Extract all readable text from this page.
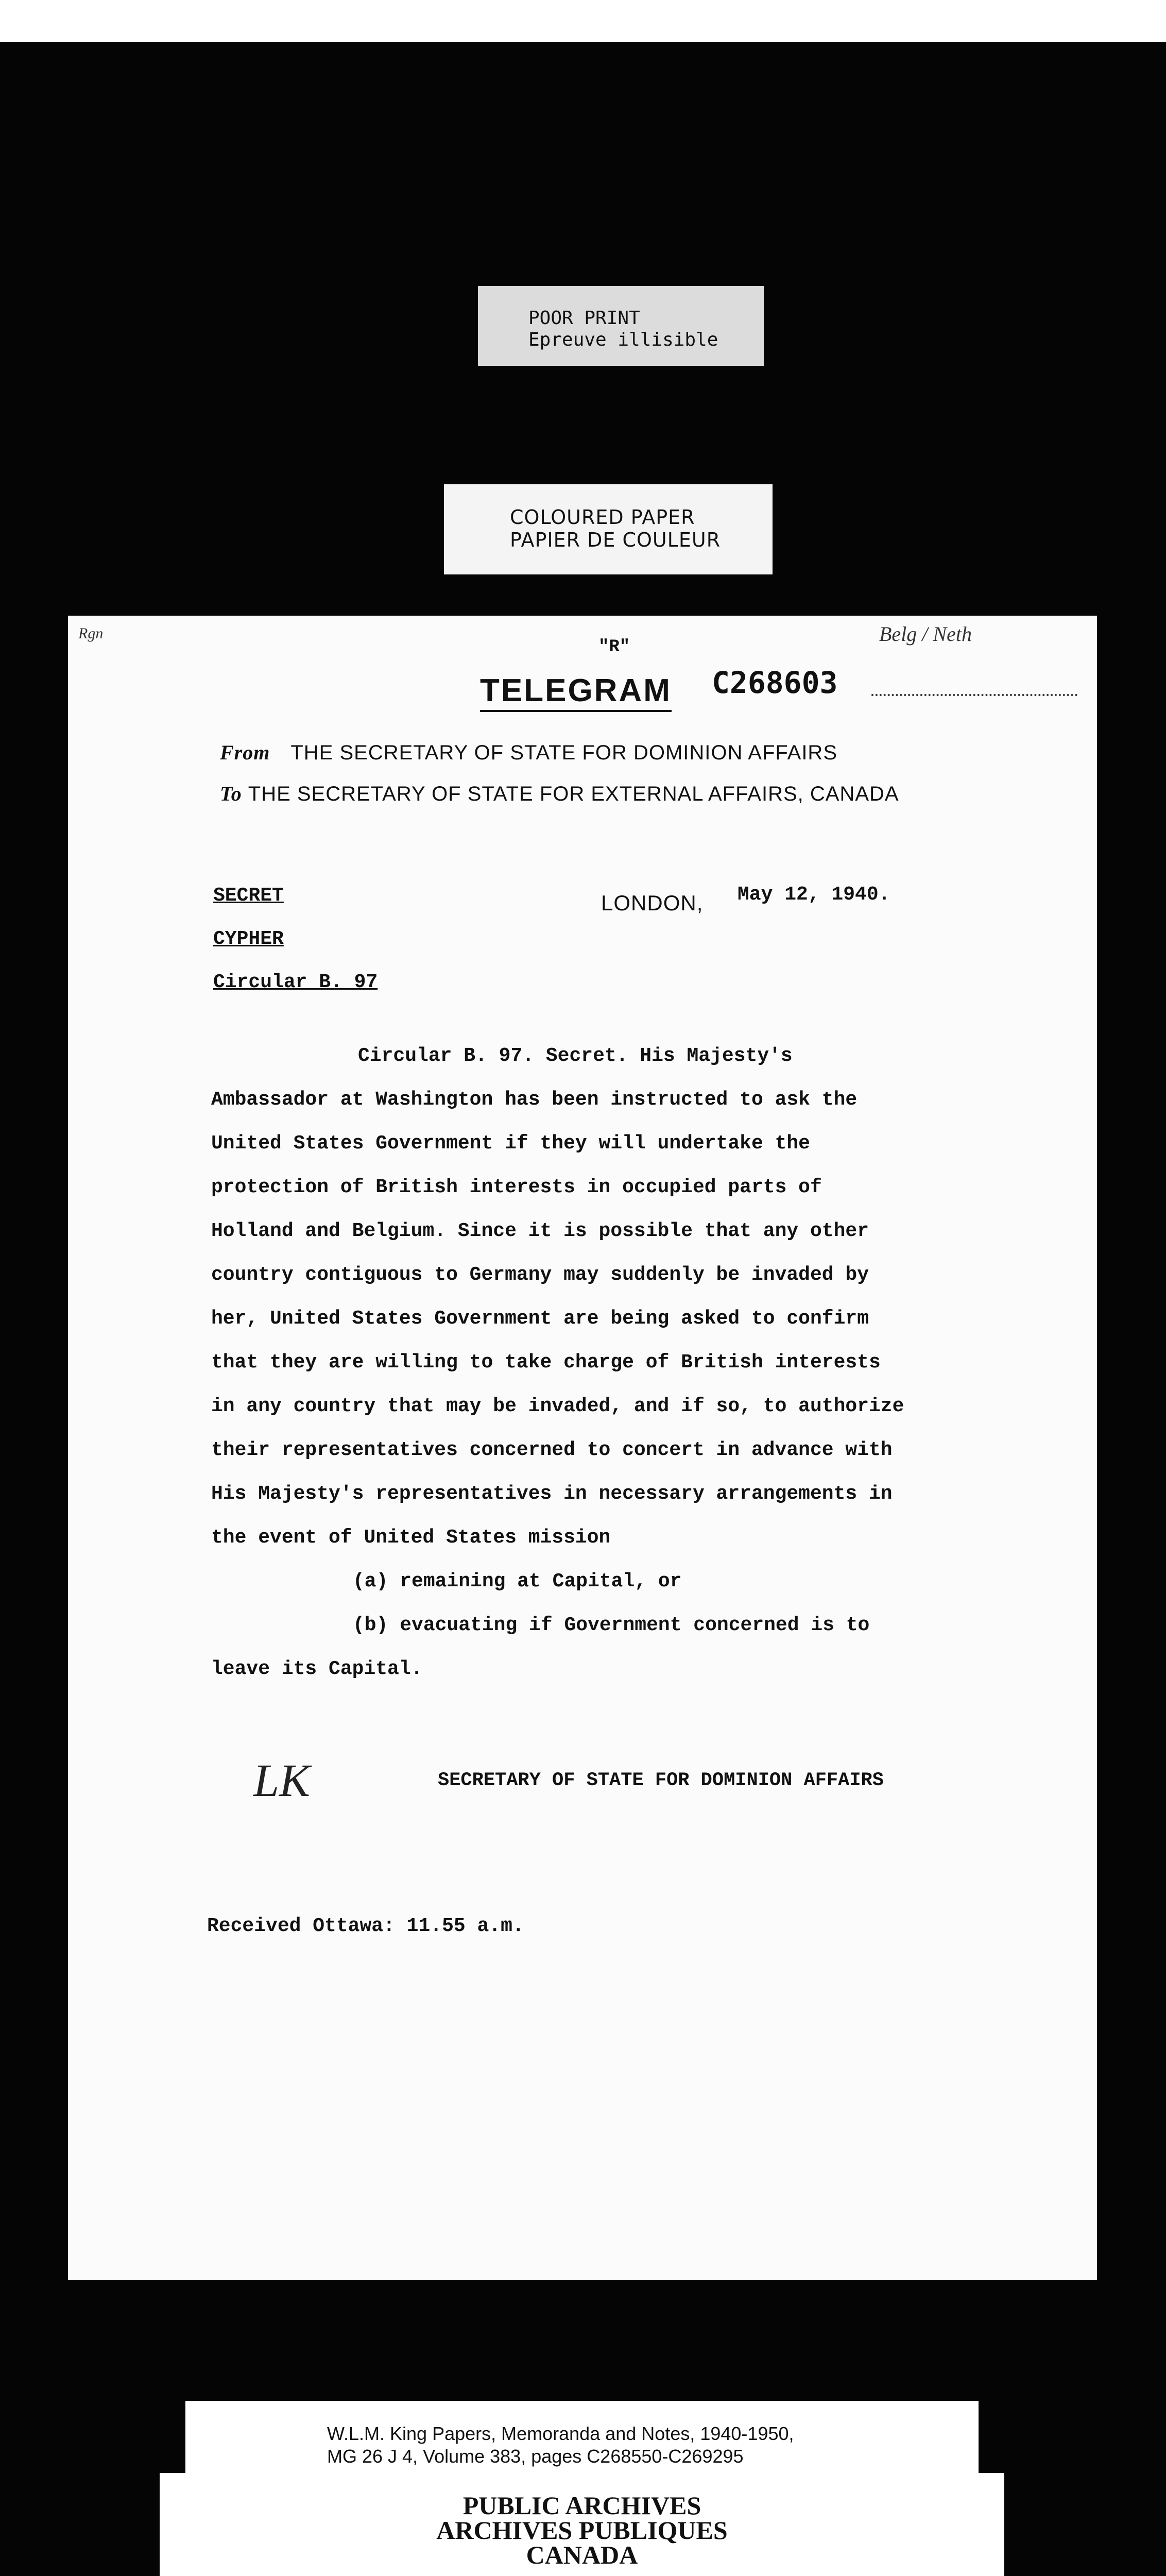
POOR PRINT
Epreuve illisible
COLOURED PAPER
PAPIER DE COULEUR
Rgn	Belg / Neth
"R"
TELEGRAM C268603
From THE SECRETARY OF STATE FOR DOMINION AFFAIRS
To THE SECRETARY OF STATE FOR EXTERNAL AFFAIRS, CANADA
SECRET
CYPHER
Circular B. 97
LONDON, May 12, 1940.

Circular B. 97. Secret. His Majesty's

Ambassador at Washington has been instructed to ask the

United States Government if they will undertake the

protection of British interests in occupied parts of

Holland and Belgium. Since it is possible that any other

country contiguous to Germany may suddenly be invaded by

her, United States Government are being asked to confirm

that they are willing to take charge of British interests

in any country that may be invaded, and if so, to authorize

their representatives concerned to concert in advance with

His Majesty's representatives in necessary arrangements in

the event of United States mission

(a) remaining at Capital, or

(b) evacuating if Government concerned is to

leave its Capital.

LK	SECRETARY OF STATE FOR DOMINION AFFAIRS
Received Ottawa: 11.55 a.m.
W.L.M. King Papers, Memoranda and Notes, 1940-1950,
MG 26 J 4, Volume 383, pages C268550-C269295
PUBLIC ARCHIVES
ARCHIVES PUBLIQUES
CANADA
